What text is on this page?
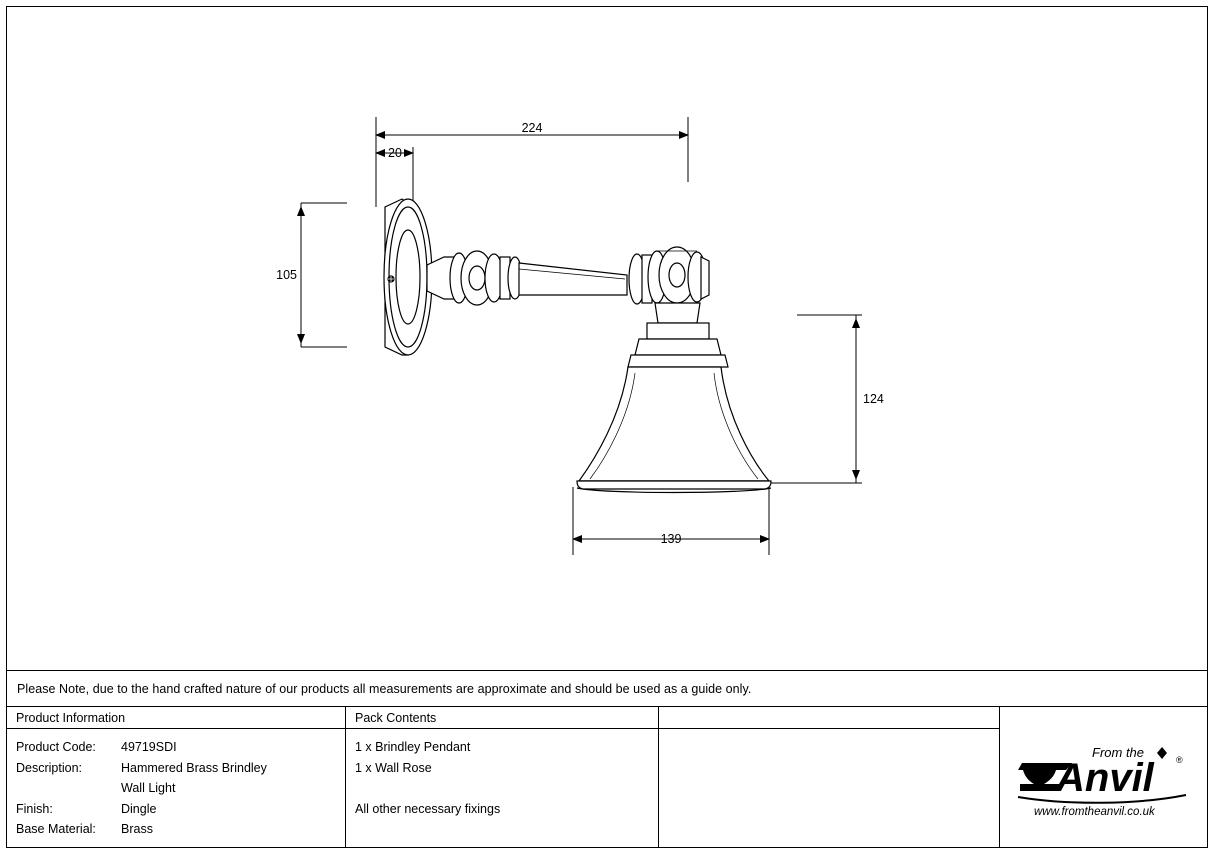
224
20
105
124
139
Please Note, due to the hand crafted nature of our products all measurements are approximate and should be used as a guide only.
Product Information
Product Code:	49719SDI
Description:	Hammered Brass Brindley
Wall Light
Finish:	Dingle
Base Material:	Brass
Pack Contents
1 x Brindley Pendant
1 x Wall Rose
All other necessary fixings
From the
Anvil ®
www.fromtheanvil.co.uk
